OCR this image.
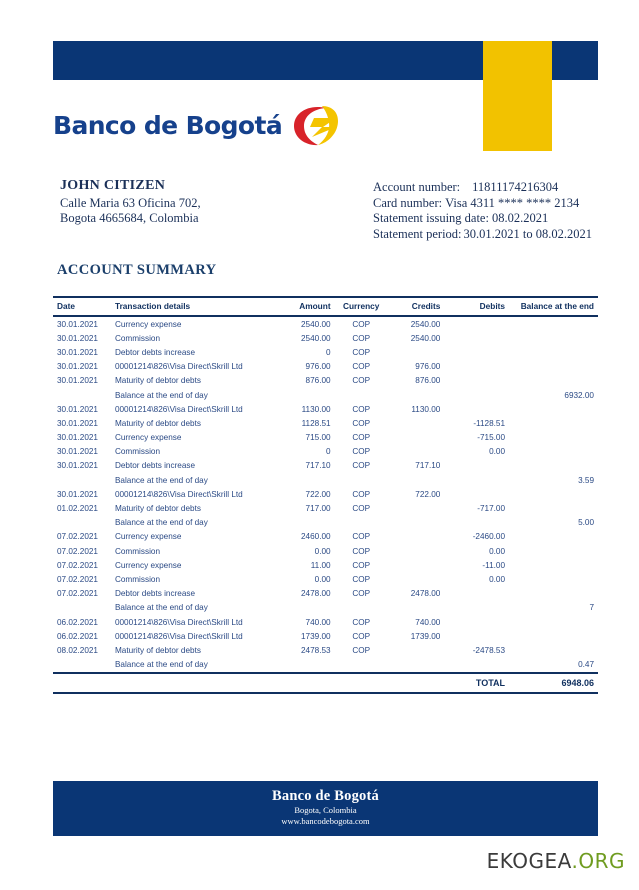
Banco de Bogotá
JOHN CITIZEN
Calle Maria 63 Oficina 702,
Bogota 4665684, Colombia
Account number: 11811174216304
Card number: Visa 4311 **** **** 2134
Statement issuing date: 08.02.2021
Statement period: 30.01.2021 to 08.02.2021
ACCOUNT SUMMARY
Date	Transaction details	Amount	Currency	Credits	Debits	Balance at the end
30.01.2021	Currency expense	2540.00	COP	2540.00		
30.01.2021	Commission	2540.00	COP	2540.00		
30.01.2021	Debtor debts increase	0	COP			
30.01.2021	00001214\826\Visa Direct\Skrill Ltd	976.00	COP	976.00		
30.01.2021	Maturity of debtor debts	876.00	COP	876.00		
	Balance at the end of day					6932.00
30.01.2021	00001214\826\Visa Direct\Skrill Ltd	1130.00	COP	1130.00		
30.01.2021	Maturity of debtor debts	1128.51	COP		-1128.51	
30.01.2021	Currency expense	715.00	COP		-715.00	
30.01.2021	Commission	0	COP		0.00	
30.01.2021	Debtor debts increase	717.10	COP	717.10		
	Balance at the end of day					3.59
30.01.2021	00001214\826\Visa Direct\Skrill Ltd	722.00	COP	722.00		
01.02.2021	Maturity of debtor debts	717.00	COP		-717.00	
	Balance at the end of day					5.00
07.02.2021	Currency expense	2460.00	COP		-2460.00	
07.02.2021	Commission	0.00	COP		0.00	
07.02.2021	Currency expense	11.00	COP		-11.00	
07.02.2021	Commission	0.00	COP		0.00	
07.02.2021	Debtor debts increase	2478.00	COP	2478.00		
	Balance at the end of day					7
06.02.2021	00001214\826\Visa Direct\Skrill Ltd	740.00	COP	740.00		
06.02.2021	00001214\826\Visa Direct\Skrill Ltd	1739.00	COP	1739.00		
08.02.2021	Maturity of debtor debts	2478.53	COP		-2478.53	
	Balance at the end of day					0.47
					TOTAL	6948.06
Banco de Bogotá
Bogota, Colombia
www.bancodebogota.com
EKOGEA.ORG
